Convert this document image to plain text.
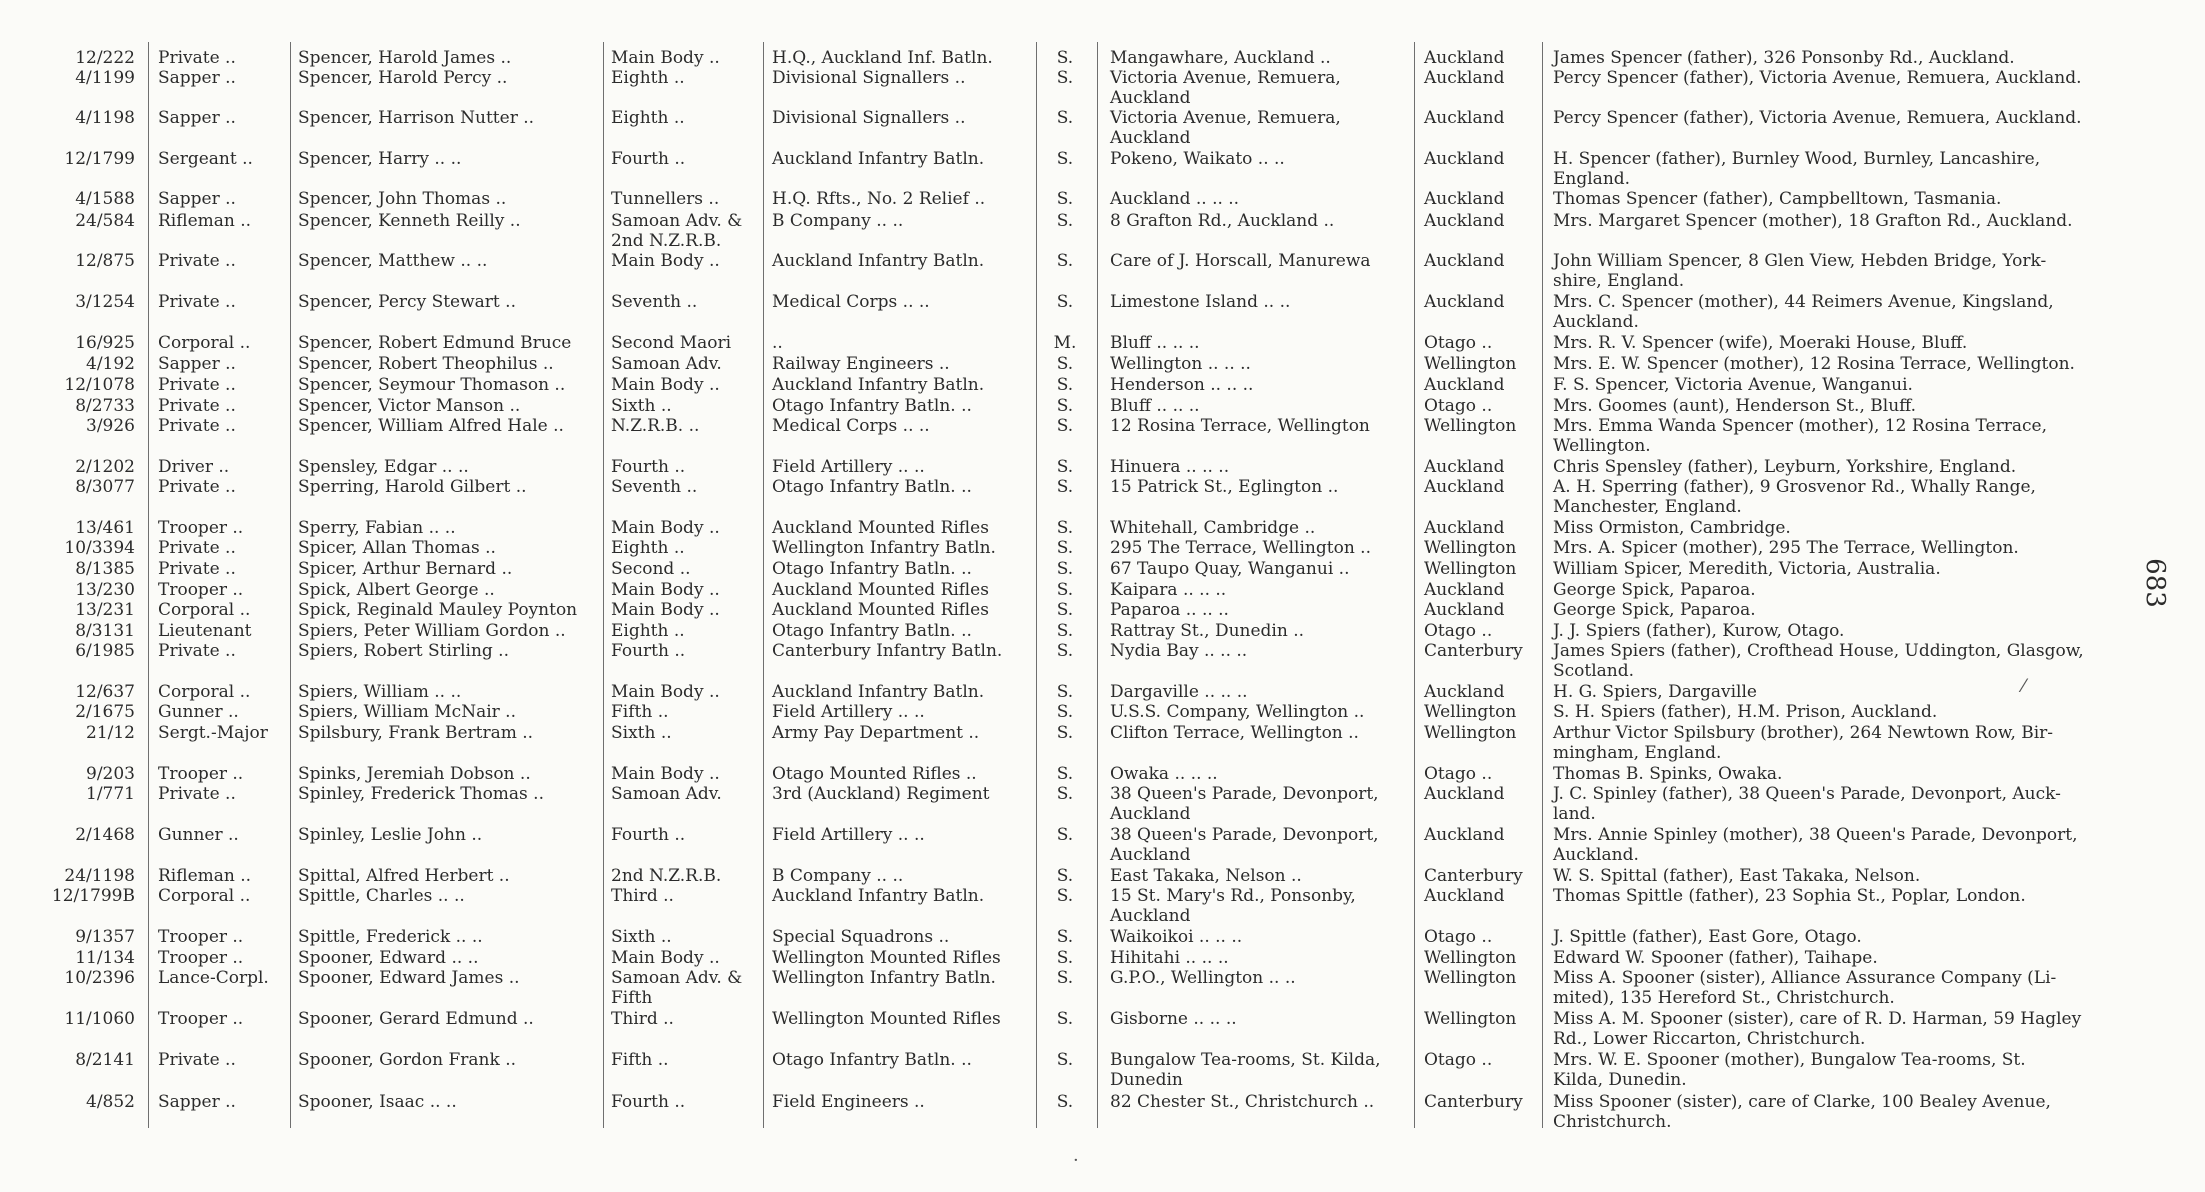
12/222 Private ..	Spencer, Harold James ..	Main Body ..	H.Q., Auckland Inf. Batln.	S. Mangawhare, Auckland ..	Auckland	James Spencer (father), 326 Ponsonby Rd., Auckland.
4/1199 Sapper ..	Spencer, Harold Percy ..	Eighth ..	Divisional Signallers ..	S. Victoria Avenue, Remuera,
Auckland
Auckland	Percy Spencer (father), Victoria Avenue, Remuera, Auckland.
4/1198 Sapper ..	Spencer, Harrison Nutter ..	Eighth ..	Divisional Signallers ..	S. Victoria Avenue, Remuera,
Auckland
Auckland	Percy Spencer (father), Victoria Avenue, Remuera, Auckland.
12/1799 Sergeant ..	Spencer, Harry .. ..	Fourth ..	Auckland Infantry Batln.	S. Pokeno, Waikato .. ..	Auckland	H. Spencer (father), Burnley Wood, Burnley, Lancashire,
England.
4/1588 Sapper ..	Spencer, John Thomas ..	Tunnellers ..	H.Q. Rfts., No. 2 Relief ..	S. Auckland .. .. ..	Auckland	Thomas Spencer (father), Campbelltown, Tasmania.
24/584 Rifleman ..	Spencer, Kenneth Reilly ..	Samoan Adv. &
2nd N.Z.R.B.
B Company .. ..	S. 8 Grafton Rd., Auckland ..	Auckland	Mrs. Margaret Spencer (mother), 18 Grafton Rd., Auckland.
12/875 Private ..	Spencer, Matthew .. ..	Main Body ..	Auckland Infantry Batln.	S. Care of J. Horscall, Manurewa	Auckland	John William Spencer, 8 Glen View, Hebden Bridge, York-
shire, England.
3/1254 Private ..	Spencer, Percy Stewart ..	Seventh ..	Medical Corps .. ..	S. Limestone Island .. ..	Auckland	Mrs. C. Spencer (mother), 44 Reimers Avenue, Kingsland,
Auckland.
16/925 Corporal ..	Spencer, Robert Edmund Bruce	Second Maori	..	M. Bluff .. .. ..	Otago ..	Mrs. R. V. Spencer (wife), Moeraki House, Bluff.
4/192 Sapper ..	Spencer, Robert Theophilus ..	Samoan Adv.	Railway Engineers ..	S. Wellington .. .. ..	Wellington	Mrs. E. W. Spencer (mother), 12 Rosina Terrace, Wellington.
12/1078 Private ..	Spencer, Seymour Thomason ..	Main Body ..	Auckland Infantry Batln.	S. Henderson .. .. ..	Auckland	F. S. Spencer, Victoria Avenue, Wanganui.
8/2733 Private ..	Spencer, Victor Manson ..	Sixth ..	Otago Infantry Batln. ..	S. Bluff .. .. ..	Otago ..	Mrs. Goomes (aunt), Henderson St., Bluff.
3/926 Private ..	Spencer, William Alfred Hale ..	N.Z.R.B. ..	Medical Corps .. ..	S. 12 Rosina Terrace, Wellington	Wellington	Mrs. Emma Wanda Spencer (mother), 12 Rosina Terrace,
Wellington.
2/1202 Driver ..	Spensley, Edgar .. ..	Fourth ..	Field Artillery .. ..	S. Hinuera .. .. ..	Auckland	Chris Spensley (father), Leyburn, Yorkshire, England.
8/3077 Private ..	Sperring, Harold Gilbert ..	Seventh ..	Otago Infantry Batln. ..	S. 15 Patrick St., Eglington ..	Auckland	A. H. Sperring (father), 9 Grosvenor Rd., Whally Range,
Manchester, England.
13/461 Trooper ..	Sperry, Fabian .. ..	Main Body ..	Auckland Mounted Rifles	S. Whitehall, Cambridge ..	Auckland	Miss Ormiston, Cambridge.
10/3394 Private ..	Spicer, Allan Thomas ..	Eighth ..	Wellington Infantry Batln.	S. 295 The Terrace, Wellington ..	Wellington	Mrs. A. Spicer (mother), 295 The Terrace, Wellington.
8/1385 Private ..	Spicer, Arthur Bernard ..	Second ..	Otago Infantry Batln. ..	S. 67 Taupo Quay, Wanganui ..	Wellington	William Spicer, Meredith, Victoria, Australia.
13/230 Trooper ..	Spick, Albert George ..	Main Body ..	Auckland Mounted Rifles	S. Kaipara .. .. ..	Auckland	George Spick, Paparoa.
13/231 Corporal ..	Spick, Reginald Mauley Poynton	Main Body ..	Auckland Mounted Rifles	S. Paparoa .. .. ..	Auckland	George Spick, Paparoa.
8/3131 Lieutenant	Spiers, Peter William Gordon ..	Eighth ..	Otago Infantry Batln. ..	S. Rattray St., Dunedin ..	Otago ..	J. J. Spiers (father), Kurow, Otago.
6/1985 Private ..	Spiers, Robert Stirling ..	Fourth ..	Canterbury Infantry Batln.	S. Nydia Bay .. .. ..	Canterbury	James Spiers (father), Crofthead House, Uddington, Glasgow,
Scotland.
12/637 Corporal ..	Spiers, William .. ..	Main Body ..	Auckland Infantry Batln.	S. Dargaville .. .. ..	Auckland	H. G. Spiers, Dargaville
2/1675 Gunner ..	Spiers, William McNair ..	Fifth ..	Field Artillery .. ..	S. U.S.S. Company, Wellington ..	Wellington	S. H. Spiers (father), H.M. Prison, Auckland.
21/12 Sergt.-Major	Spilsbury, Frank Bertram ..	Sixth ..	Army Pay Department ..	S. Clifton Terrace, Wellington ..	Wellington	Arthur Victor Spilsbury (brother), 264 Newtown Row, Bir-
mingham, England.
9/203 Trooper ..	Spinks, Jeremiah Dobson ..	Main Body ..	Otago Mounted Rifles ..	S. Owaka .. .. ..	Otago ..	Thomas B. Spinks, Owaka.
1/771 Private ..	Spinley, Frederick Thomas ..	Samoan Adv.	3rd (Auckland) Regiment	S. 38 Queen's Parade, Devonport,
Auckland
Auckland	J. C. Spinley (father), 38 Queen's Parade, Devonport, Auck-
land.
2/1468 Gunner ..	Spinley, Leslie John ..	Fourth ..	Field Artillery .. ..	S. 38 Queen's Parade, Devonport,
Auckland
Auckland	Mrs. Annie Spinley (mother), 38 Queen's Parade, Devonport,
Auckland.
24/1198 Rifleman ..	Spittal, Alfred Herbert ..	2nd N.Z.R.B.	B Company .. ..	S. East Takaka, Nelson ..	Canterbury	W. S. Spittal (father), East Takaka, Nelson.
12/1799B Corporal ..	Spittle, Charles .. ..	Third ..	Auckland Infantry Batln.	S. 15 St. Mary's Rd., Ponsonby,
Auckland
Auckland	Thomas Spittle (father), 23 Sophia St., Poplar, London.
9/1357 Trooper ..	Spittle, Frederick .. ..	Sixth ..	Special Squadrons ..	S. Waikoikoi .. .. ..	Otago ..	J. Spittle (father), East Gore, Otago.
11/134 Trooper ..	Spooner, Edward .. ..	Main Body ..	Wellington Mounted Rifles	S. Hihitahi .. .. ..	Wellington	Edward W. Spooner (father), Taihape.
10/2396 Lance-Corpl.	Spooner, Edward James ..	Samoan Adv. &
Fifth
Wellington Infantry Batln.	S. G.P.O., Wellington .. ..	Wellington	Miss A. Spooner (sister), Alliance Assurance Company (Li-
mited), 135 Hereford St., Christchurch.
11/1060 Trooper ..	Spooner, Gerard Edmund ..	Third ..	Wellington Mounted Rifles	S. Gisborne .. .. ..	Wellington	Miss A. M. Spooner (sister), care of R. D. Harman, 59 Hagley
Rd., Lower Riccarton, Christchurch.
8/2141 Private ..	Spooner, Gordon Frank ..	Fifth ..	Otago Infantry Batln. ..	S. Bungalow Tea-rooms, St. Kilda,
Dunedin
Otago ..	Mrs. W. E. Spooner (mother), Bungalow Tea-rooms, St.
Kilda, Dunedin.
4/852 Sapper ..	Spooner, Isaac .. ..	Fourth ..	Field Engineers ..	S. 82 Chester St., Christchurch ..	Canterbury	Miss Spooner (sister), care of Clarke, 100 Bealey Avenue,
Christchurch.
683
⁄
·
